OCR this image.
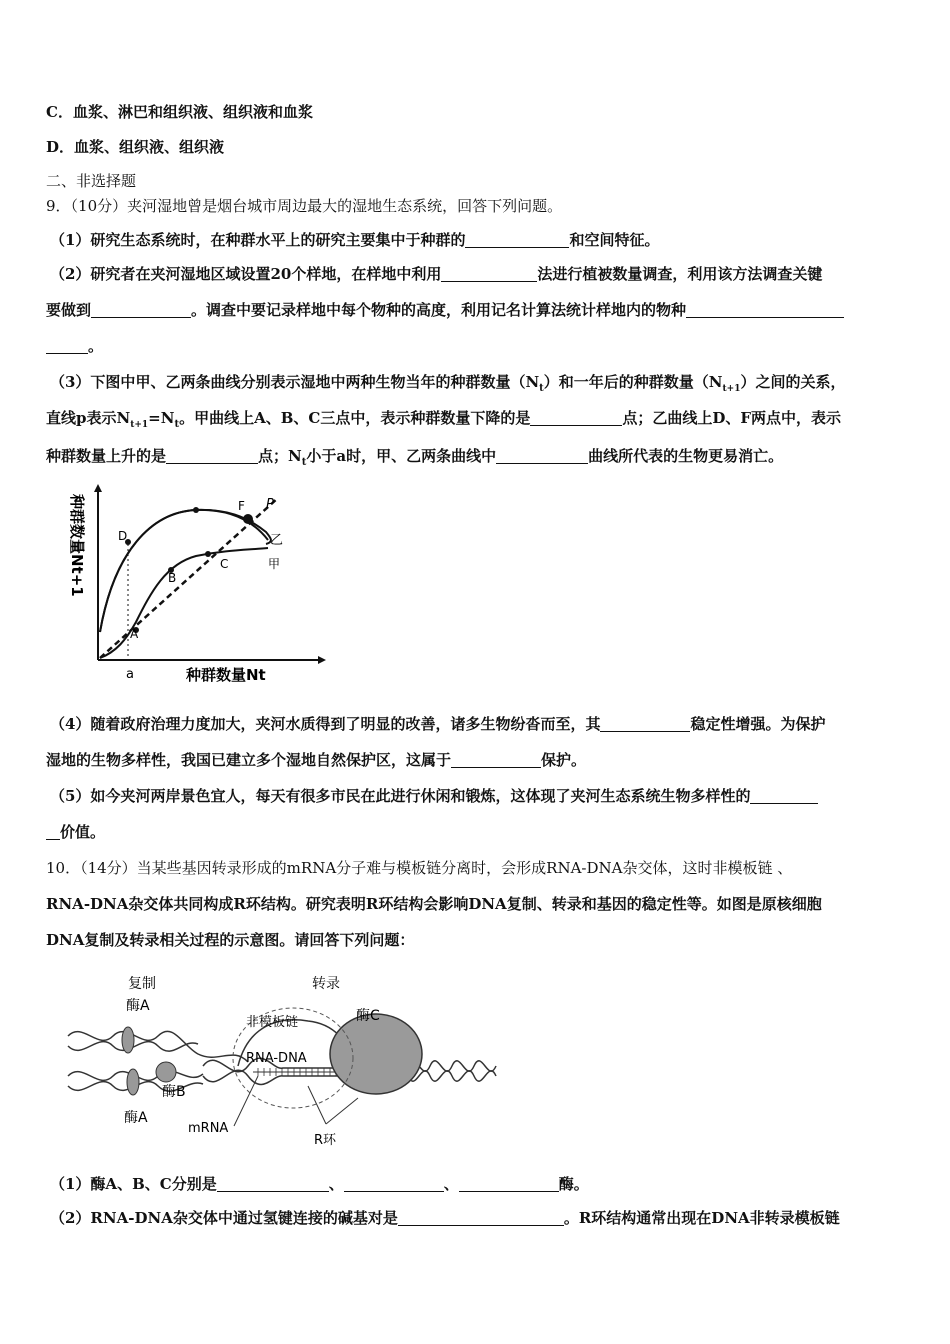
C．血浆、淋巴和组织液、组织液和血浆
D．血浆、组织液、组织液
二、非选择题
9．（10分）夹河湿地曾是烟台城市周边最大的湿地生态系统，回答下列问题。
（1）研究生态系统时，在种群水平上的研究主要集中于种群的	和空间特征。
（2）研究者在夹河湿地区域设置20个样地，在样地中利用	法进行植被数量调查，利用该方法调查关键
要做到	。调查中要记录样地中每个物种的高度，利用记名计算法统计样地内的物种
。
（3）下图中甲、乙两条曲线分别表示湿地中两种生物当年的种群数量$(N_t)$和一年后的种群数量$(N_{t+1})$之间的关系，
直线p表示$N_{t+1}=N_t$。甲曲线上A、B、C三点中，表示种群数量下降的是	点；乙曲线上D、F两点中，表示
种群数量上升的是	点；$N_t$小于a时，甲、乙两条曲线中	曲线所代表的生物更易消亡。
A
B
C
D
F P
乙
甲
a	种群数量Nt
种群数量Nt+1
（4）随着政府治理力度加大，夹河水质得到了明显的改善，诸多生物纷沓而至，其	稳定性增强。为保护
湿地的生物多样性，我国已建立多个湿地自然保护区，这属于	保护。
（5）如今夹河两岸景色宜人，每天有很多市民在此进行休闲和锻炼，这体现了夹河生态系统生物多样性的
价值。
10．（14分）当某些基因转录形成的mRNA分子难与模板链分离时，会形成RNA-DNA杂交体，这时非模板链 、
RNA-DNA杂交体共同构成R环结构。研究表明R环结构会影响DNA复制、转录和基因的稳定性等。如图是原核细胞
DNA复制及转录相关过程的示意图。请回答下列问题：
复制
酶A
酶A
酶B
转录
非模板链
RNA-DNA
酶C
mRNA
R环
（1）酶A、B、C分别是	、	、	酶。
（2）RNA-DNA杂交体中通过氢键连接的碱基对是	。R环结构通常出现在DNA非转录模板链
